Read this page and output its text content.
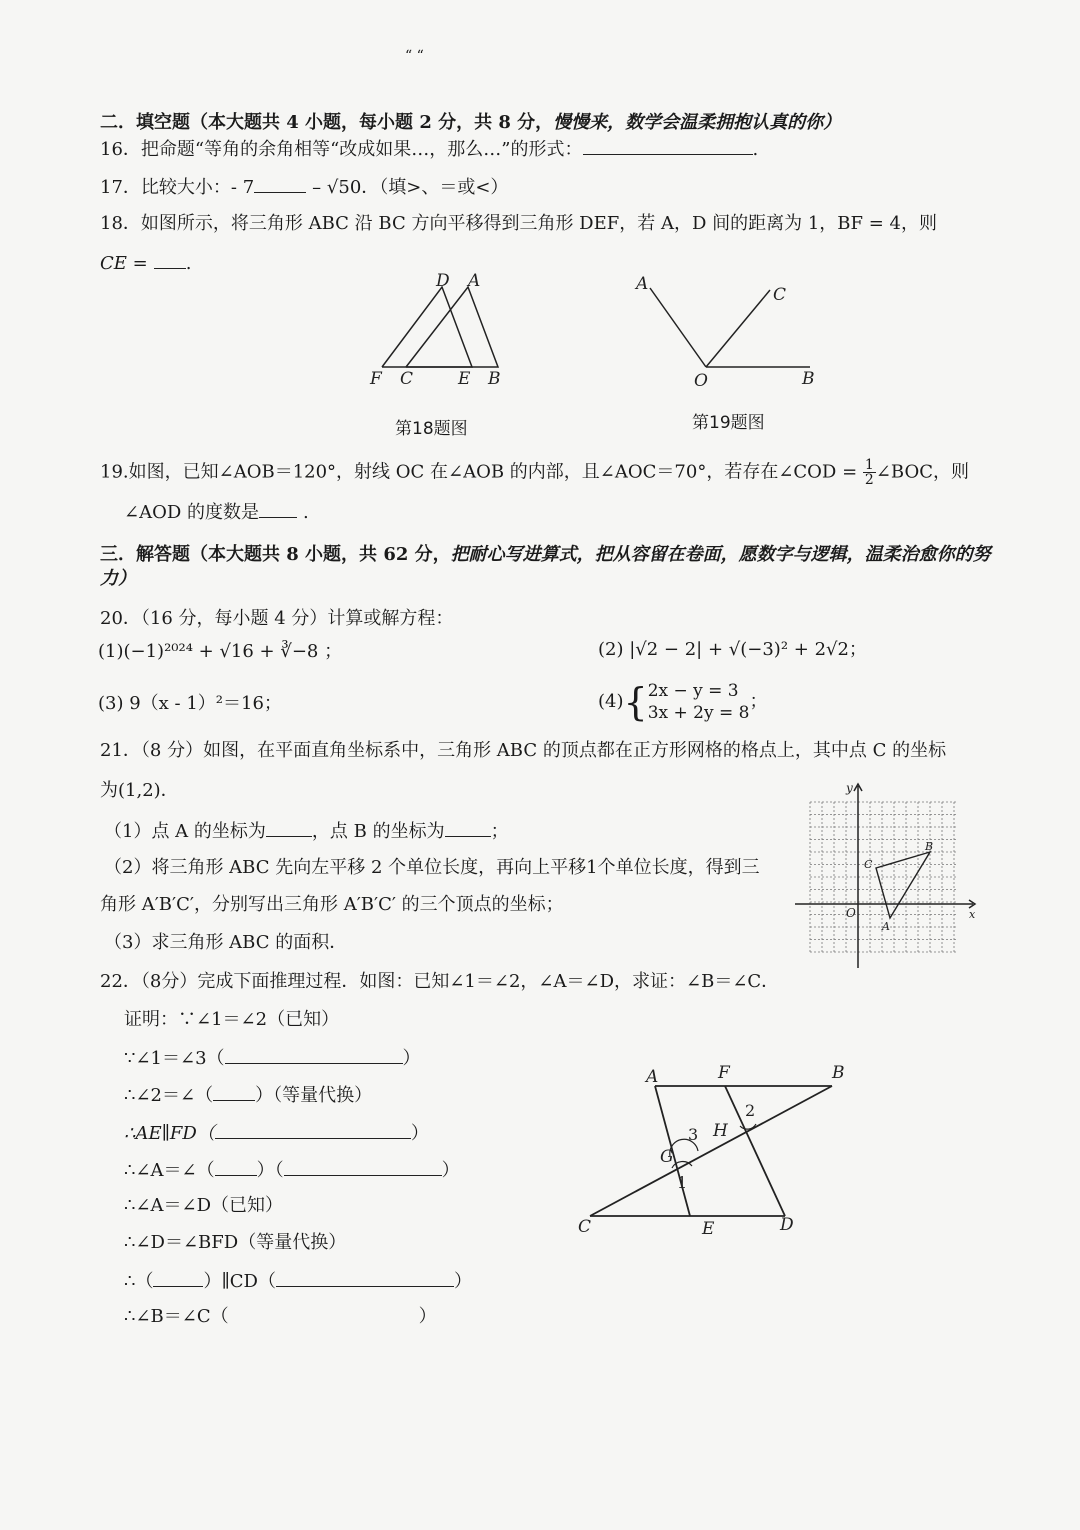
“ “
二．填空题（本大题共 4 小题，每小题 2 分，共 8 分，慢慢来，数学会温柔拥抱认真的你）
16．把命题“等角的余角相等“改成如果…，那么…”的形式：	.
17．比较大小：- 7	– √50．（填>、＝或<）
18．如图所示，将三角形 ABC 沿 BC 方向平移得到三角形 DEF，若 A，D 间的距离为 1，BF = 4，则
CE = .
D A
F C	E B
第18题图
A
C
O	B
第19题图
19.如图，已知∠AOB＝120°，射线 OC 在∠AOB 的内部，且∠AOC＝70°，若存在∠COD = $\frac{1}{2}$ ∠BOC，则
∠AOD 的度数是 .
三．解答题（本大题共 8 小题，共 62 分，把耐心写进算式，把从容留在卷面，愿数字与逻辑，温柔治愈你的努
力）
20．（16 分，每小题 4 分）计算或解方程：
(1)(−1)²⁰²⁴ + √16 + ∛−8 ；	(2) |√2 − 2| + √(−3)² + 2√2；
(3) 9（x - 1）²＝16；	(4){ 2x − y = 3
3x + 2y = 8
；
21．（8 分）如图，在平面直角坐标系中，三角形 ABC 的顶点都在正方形网格的格点上，其中点 C 的坐标
为(1,2)．
（1）点 A 的坐标为	，点 B 的坐标为	；
（2）将三角形 ABC 先向左平移 2 个单位长度，再向上平移1个单位长度，得到三
角形 A′B′C′，分别写出三角形 A′B′C′ 的三个顶点的坐标；
（3）求三角形 ABC 的面积．
y
x
O
A
B
C
22．（8分）完成下面推理过程．如图：已知∠1＝∠2，∠A＝∠D，求证：∠B＝∠C．
证明：∵∠1＝∠2（已知）
∵∠1＝∠3（	）
∴∠2＝∠（ ）（等量代换）
∴AE∥FD（	）
∴∠A＝∠（ ）（	）
∴∠A＝∠D（已知）
∴∠D＝∠BFD（等量代换）
∴（	）∥CD（	）
∴∠B＝∠C（	）
A	F	B
H
G
C	E	D
1
2
3
